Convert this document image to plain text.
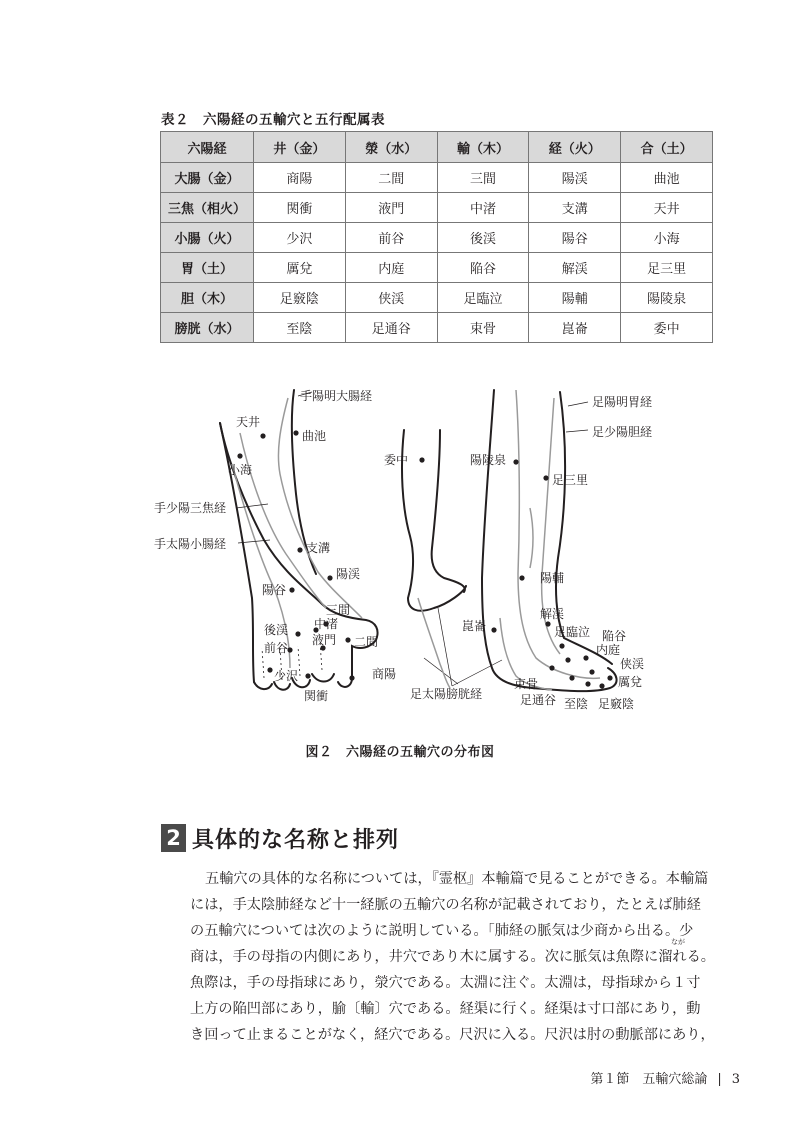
表２　六陽経の五輸穴と五行配属表
六陽経	井（金）	滎（水）	輸（木）	経（火）	合（土）
大腸（金）	商陽	二間	三間	陽渓	曲池
三焦（相火）	関衝	液門	中渚	支溝	天井
小腸（火）	少沢	前谷	後渓	陽谷	小海
胃（土）	厲兌	内庭	陥谷	解渓	足三里
胆（木）	足竅陰	侠渓	足臨泣	陽輔	陽陵泉
膀胱（水）	至陰	足通谷	束骨	崑崙	委中
手陽明大腸経
手少陽三焦経
手太陽小腸経
天井
曲池
小海
支溝
陽渓
陽谷
三間
中渚
後渓
液門 二間
前谷
少沢	商陽
関衝
足陽明胃経
足少陽胆経
足太陽膀胱経
委中	陽陵泉
足三里
陽輔
解渓
崑崙	足臨泣 陥谷
内庭
侠渓
厲兌
束骨
足通谷 至陰 足竅陰
図２　六陽経の五輸穴の分布図
2 具体的な名称と排列
なが

五輸穴の具体的な名称については，『霊枢』本輸篇で見ることができる。本輸篇
には，手太陰肺経など十一経脈の五輸穴の名称が記載されており，たとえば肺経
の五輸穴については次のように説明している。「肺経の脈気は少商から出る。少
商は，手の母指の内側にあり，井穴であり木に属する。次に脈気は魚際に溜れる。
魚際は，手の母指球にあり，滎穴である。太淵に注ぐ。太淵は，母指球から１寸
上方の陥凹部にあり，腧〔輸〕穴である。経渠に行く。経渠は寸口部にあり，動
き回って止まることがなく，経穴である。尺沢に入る。尺沢は肘の動脈部にあり，

第１節　五輸穴総論 | 3
